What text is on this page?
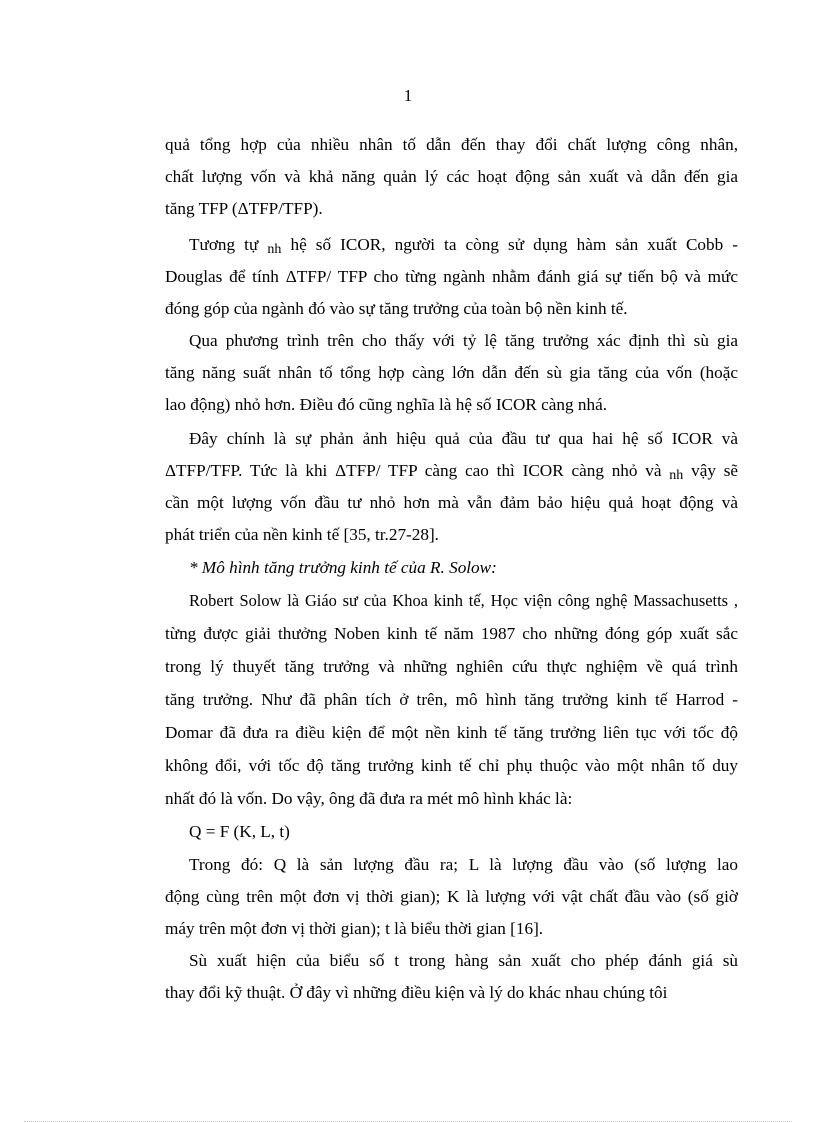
1
quả tổng hợp của nhiều nhân tố dẫn đến thay đổi chất lượng công nhân,
chất lượng vốn và khả năng quản lý các hoạt động sản xuất và dẫn đến gia
tăng TFP (ΔTFP/TFP).
Tương tự nh hệ số ICOR, người ta còng sử dụng hàm sản xuất Cobb -
Douglas để tính ΔTFP/ TFP cho từng ngành nhằm đánh giá sự tiến bộ và mức
đóng góp của ngành đó vào sự tăng trưởng của toàn bộ nền kinh tế.
Qua phương trình trên cho thấy với tỷ lệ tăng trưởng xác định thì sù gia
tăng năng suất nhân tố tổng hợp càng lớn dẫn đến sù gia tăng của vốn (hoặc
lao động) nhỏ hơn. Điều đó cũng nghĩa là hệ số ICOR càng nhá.
Đây chính là sự phản ảnh hiệu quả của đầu tư qua hai hệ số ICOR và
ΔTFP/TFP. Tức là khi ΔTFP/ TFP càng cao thì ICOR càng nhỏ và nh vậy sẽ
cần một lượng vốn đầu tư nhỏ hơn mà vẫn đảm bảo hiệu quả hoạt động và
phát triển của nền kinh tế [35, tr.27-28].
* Mô hình tăng trưởng kinh tế của R. Solow:
Robert Solow là Giáo sư của Khoa kinh tế, Học viện công nghệ Massachusetts ,
từng được giải thưởng Noben kinh tế năm 1987 cho những đóng góp xuất sắc
trong lý thuyết tăng trưởng và những nghiên cứu thực nghiệm về quá trình
tăng trưởng. Như đã phân tích ở trên, mô hình tăng trưởng kinh tế Harrod -
Domar đã đưa ra điều kiện để một nền kinh tế tăng trưởng liên tục với tốc độ
không đổi, với tốc độ tăng trưởng kinh tế chỉ phụ thuộc vào một nhân tố duy
nhất đó là vốn. Do vậy, ông đã đưa ra mét mô hình khác là:
Q = F (K, L, t)
Trong đó: Q là sản lượng đầu ra; L là lượng đầu vào (số lượng lao
động cùng trên một đơn vị thời gian); K là lượng với vật chất đầu vào (số giờ
máy trên một đơn vị thời gian); t là biểu thời gian [16].
Sù xuất hiện của biểu số t trong hàng sản xuất cho phép đánh giá sù
thay đổi kỹ thuật. Ở đây vì những điều kiện và lý do khác nhau chúng tôi
